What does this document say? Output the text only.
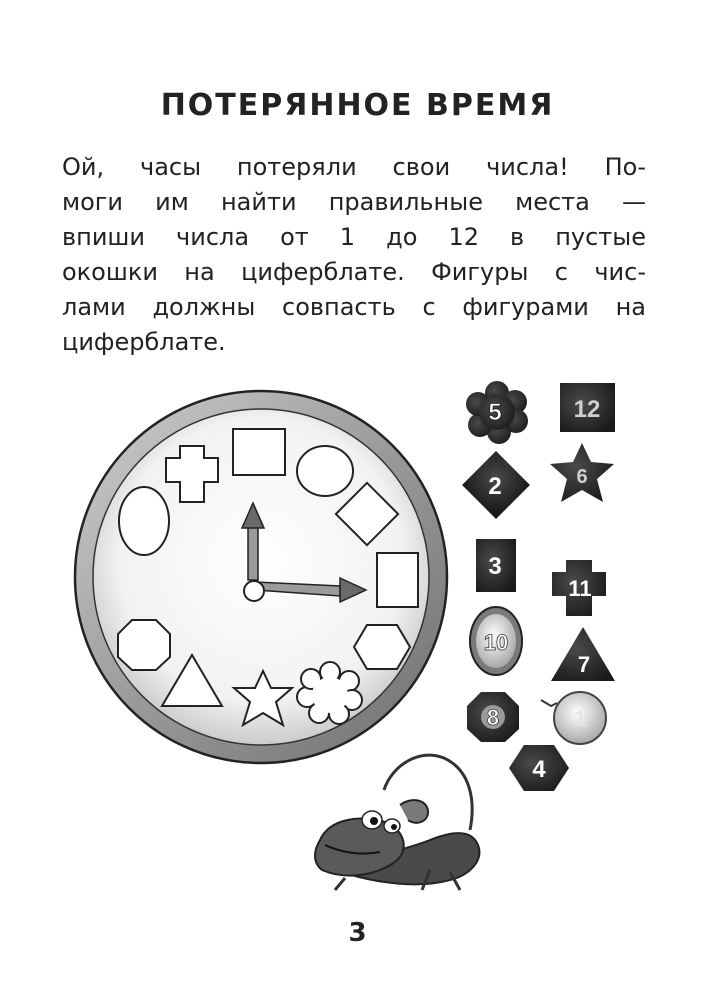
ПОТЕРЯННОЕ ВРЕМЯ
Ой, часы потеряли свои числа! По-
моги им найти правильные места —
впиши числа от 1 до 12 в пустые
окошки на циферблате. Фигуры с чис-
лами должны совпасть с фигурами на
циферблате.
5	12
2	6
3
11
10
7
8	1
4
3
